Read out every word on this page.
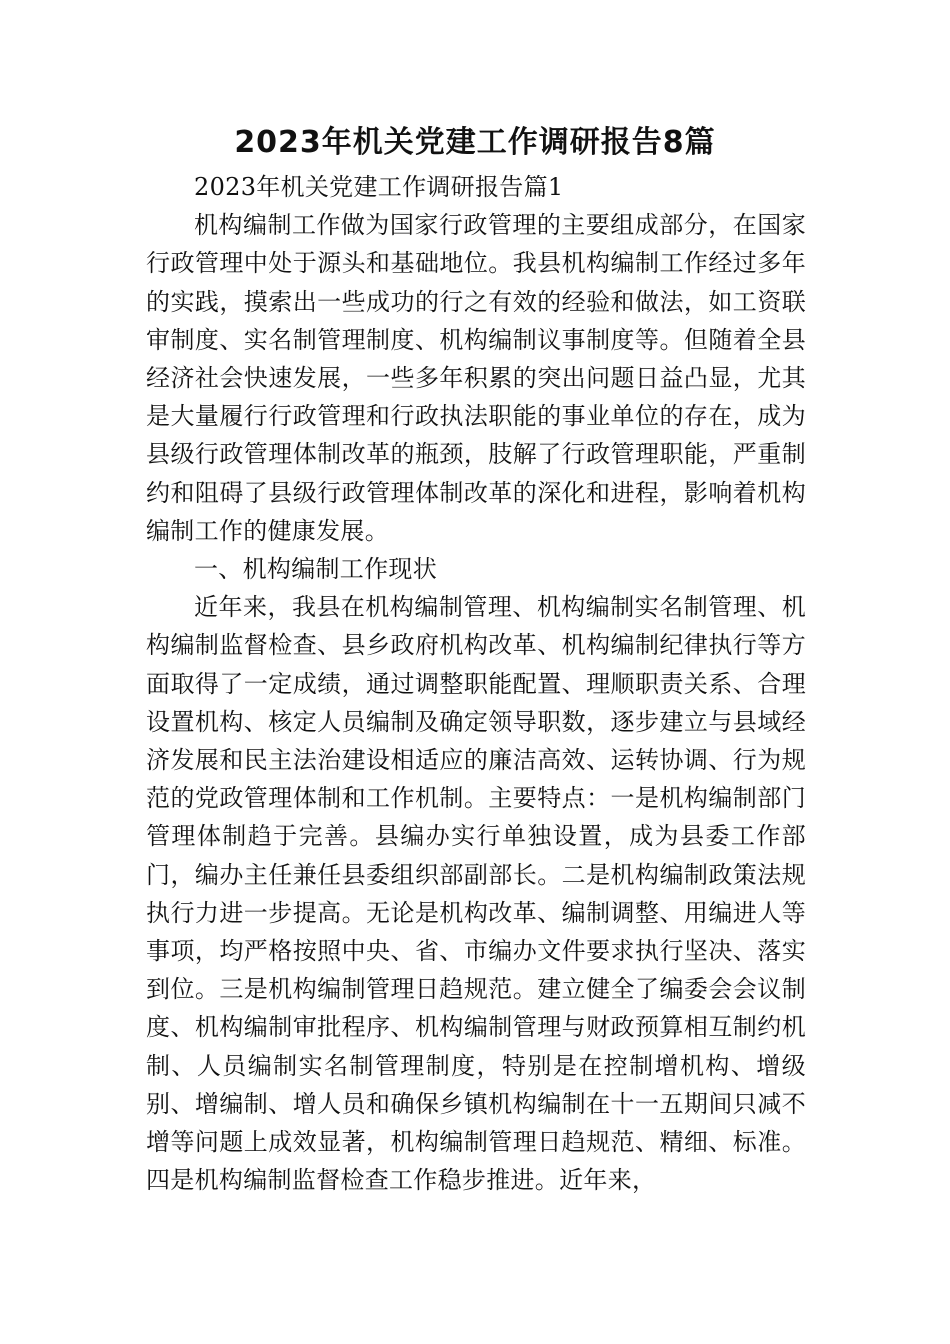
2023年机关党建工作调研报告8篇

2023年机关党建工作调研报告篇1

机构编制工作做为国家行政管理的主要组成部分，在国家行政管理中处于源头和基础地位。我县机构编制工作经过多年的实践，摸索出一些成功的行之有效的经验和做法，如工资联审制度、实名制管理制度、机构编制议事制度等。但随着全县经济社会快速发展，一些多年积累的突出问题日益凸显，尤其是大量履行行政管理和行政执法职能的事业单位的存在，成为县级行政管理体制改革的瓶颈，肢解了行政管理职能，严重制约和阻碍了县级行政管理体制改革的深化和进程，影响着机构编制工作的健康发展。

一、机构编制工作现状

近年来，我县在机构编制管理、机构编制实名制管理、机构编制监督检查、县乡政府机构改革、机构编制纪律执行等方面取得了一定成绩，通过调整职能配置、理顺职责关系、合理设置机构、核定人员编制及确定领导职数，逐步建立与县域经济发展和民主法治建设相适应的廉洁高效、运转协调、行为规范的党政管理体制和工作机制。主要特点：一是机构编制部门管理体制趋于完善。县编办实行单独设置，成为县委工作部门，编办主任兼任县委组织部副部长。二是机构编制政策法规执行力进一步提高。无论是机构改革、编制调整、用编进人等事项，均严格按照中央、省、市编办文件要求执行坚决、落实到位。三是机构编制管理日趋规范。建立健全了编委会会议制度、机构编制审批程序、机构编制管理与财政预算相互制约机制、人员编制实名制管理制度，特别是在控制增机构、增级别、增编制、增人员和确保乡镇机构编制在十一五期间只减不增等问题上成效显著，机构编制管理日趋规范、精细、标准。四是机构编制监督检查工作稳步推进。近年来，
